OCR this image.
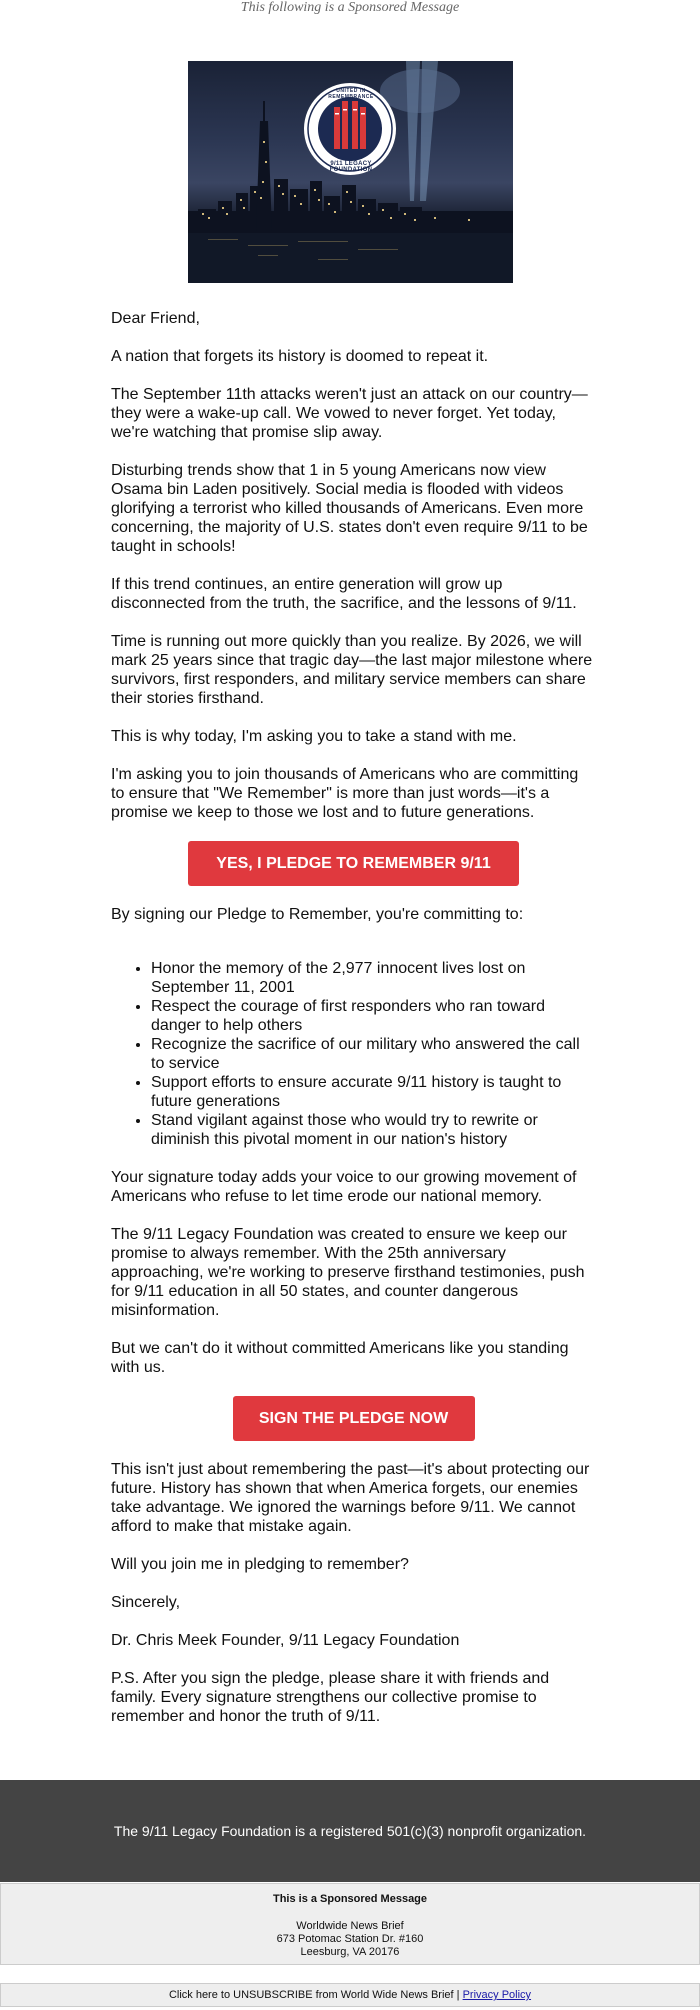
This following is a Sponsored Message
UNITED IN REMEMBRANCE
9/11 LEGACY FOUNDATION

Dear Friend,

A nation that forgets its history is doomed to repeat it.

The September 11th attacks weren't just an attack on our country—they were a wake-up call. We vowed to never forget. Yet today, we're watching that promise slip away.

Disturbing trends show that 1 in 5 young Americans now view Osama bin Laden positively. Social media is flooded with videos glorifying a terrorist who killed thousands of Americans. Even more concerning, the majority of U.S. states don't even require 9/11 to be taught in schools!

If this trend continues, an entire generation will grow up disconnected from the truth, the sacrifice, and the lessons of 9/11.

Time is running out more quickly than you realize. By 2026, we will mark 25 years since that tragic day—the last major milestone where survivors, first responders, and military service members can share their stories firsthand.

This is why today, I'm asking you to take a stand with me.

I'm asking you to join thousands of Americans who are committing to ensure that "We Remember" is more than just words—it's a promise we keep to those we lost and to future generations.

YES, I PLEDGE TO REMEMBER 9/11

By signing our Pledge to Remember, you're committing to:

• Honor the memory of the 2,977 innocent lives lost on September 11, 2001
• Respect the courage of first responders who ran toward danger to help others
• Recognize the sacrifice of our military who answered the call to service
• Support efforts to ensure accurate 9/11 history is taught to future generations
• Stand vigilant against those who would try to rewrite or diminish this pivotal moment in our nation's history

Your signature today adds your voice to our growing movement of Americans who refuse to let time erode our national memory.

The 9/11 Legacy Foundation was created to ensure we keep our promise to always remember. With the 25th anniversary approaching, we're working to preserve firsthand testimonies, push for 9/11 education in all 50 states, and counter dangerous misinformation.

But we can't do it without committed Americans like you standing with us.

SIGN THE PLEDGE NOW

This isn't just about remembering the past—it's about protecting our future. History has shown that when America forgets, our enemies take advantage. We ignored the warnings before 9/11. We cannot afford to make that mistake again.

Will you join me in pledging to remember?

Sincerely,

Dr. Chris Meek Founder, 9/11 Legacy Foundation

P.S. After you sign the pledge, please share it with friends and family. Every signature strengthens our collective promise to remember and honor the truth of 9/11.

The 9/11 Legacy Foundation is a registered 501(c)(3) nonprofit organization.
This is a Sponsored Message
Worldwide News Brief
673 Potomac Station Dr. #160
Leesburg, VA 20176
Click here to UNSUBSCRIBE from World Wide News Brief | Privacy Policy
